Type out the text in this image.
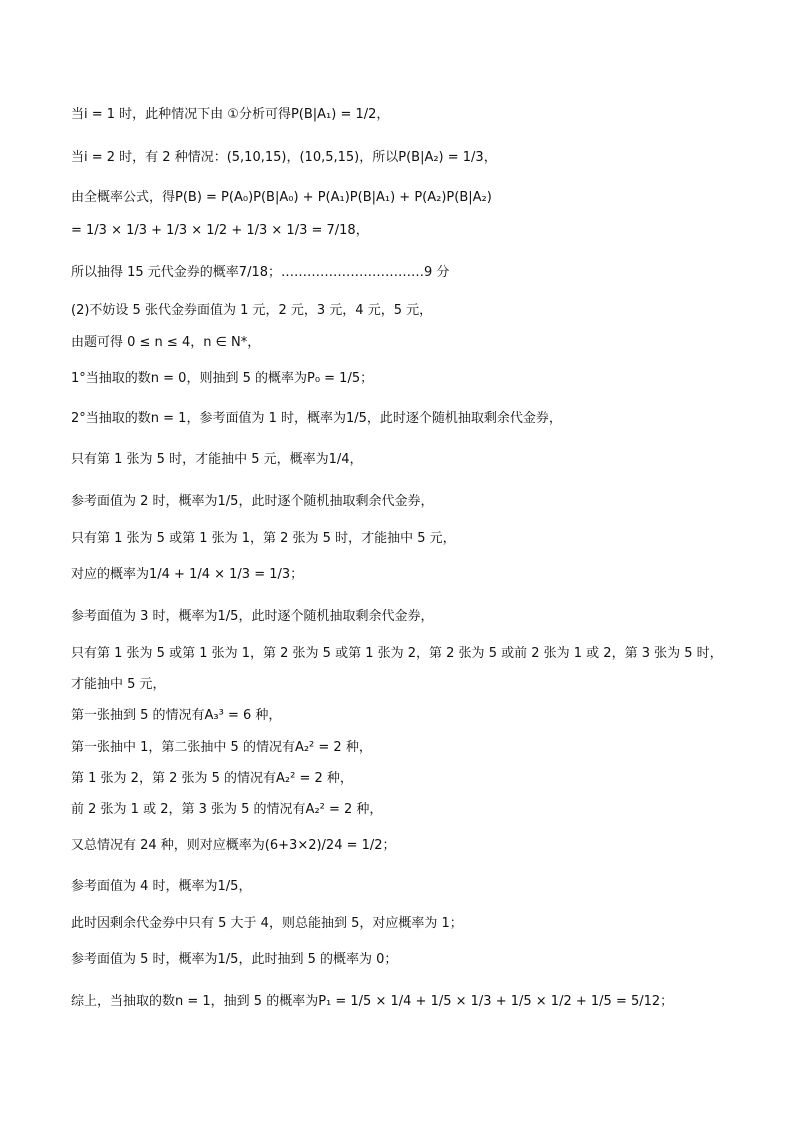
当i = 1 时，此种情况下由 ①分析可得P(B|A₁) = 1/2，
当i = 2 时，有 2 种情况：(5,10,15)，(10,5,15)，所以P(B|A₂) = 1/3，
由全概率公式，得P(B) = P(A₀)P(B|A₀) + P(A₁)P(B|A₁) + P(A₂)P(B|A₂)
= 1/3 × 1/3 + 1/3 × 1/2 + 1/3 × 1/3 = 7/18，
所以抽得 15 元代金券的概率7/18；……………………………9 分
(2)不妨设 5 张代金券面值为 1 元，2 元，3 元，4 元，5 元，
由题可得 0 ≤ n ≤ 4，n ∈ N*，
1°当抽取的数n = 0，则抽到 5 的概率为P₀ = 1/5；
2°当抽取的数n = 1，参考面值为 1 时，概率为1/5，此时逐个随机抽取剩余代金券，
只有第 1 张为 5 时，才能抽中 5 元，概率为1/4，
参考面值为 2 时，概率为1/5，此时逐个随机抽取剩余代金券，
只有第 1 张为 5 或第 1 张为 1，第 2 张为 5 时，才能抽中 5 元，
对应的概率为1/4 + 1/4 × 1/3 = 1/3；
参考面值为 3 时，概率为1/5，此时逐个随机抽取剩余代金券，
只有第 1 张为 5 或第 1 张为 1，第 2 张为 5 或第 1 张为 2，第 2 张为 5 或前 2 张为 1 或 2，第 3 张为 5 时，
才能抽中 5 元，
第一张抽到 5 的情况有A₃³ = 6 种，
第一张抽中 1，第二张抽中 5 的情况有A₂² = 2 种，
第 1 张为 2，第 2 张为 5 的情况有A₂² = 2 种，
前 2 张为 1 或 2，第 3 张为 5 的情况有A₂² = 2 种，
又总情况有 24 种，则对应概率为(6+3×2)/24 = 1/2；
参考面值为 4 时，概率为1/5，
此时因剩余代金券中只有 5 大于 4，则总能抽到 5，对应概率为 1；
参考面值为 5 时，概率为1/5，此时抽到 5 的概率为 0；
综上，当抽取的数n = 1，抽到 5 的概率为P₁ = 1/5 × 1/4 + 1/5 × 1/3 + 1/5 × 1/2 + 1/5 = 5/12；
